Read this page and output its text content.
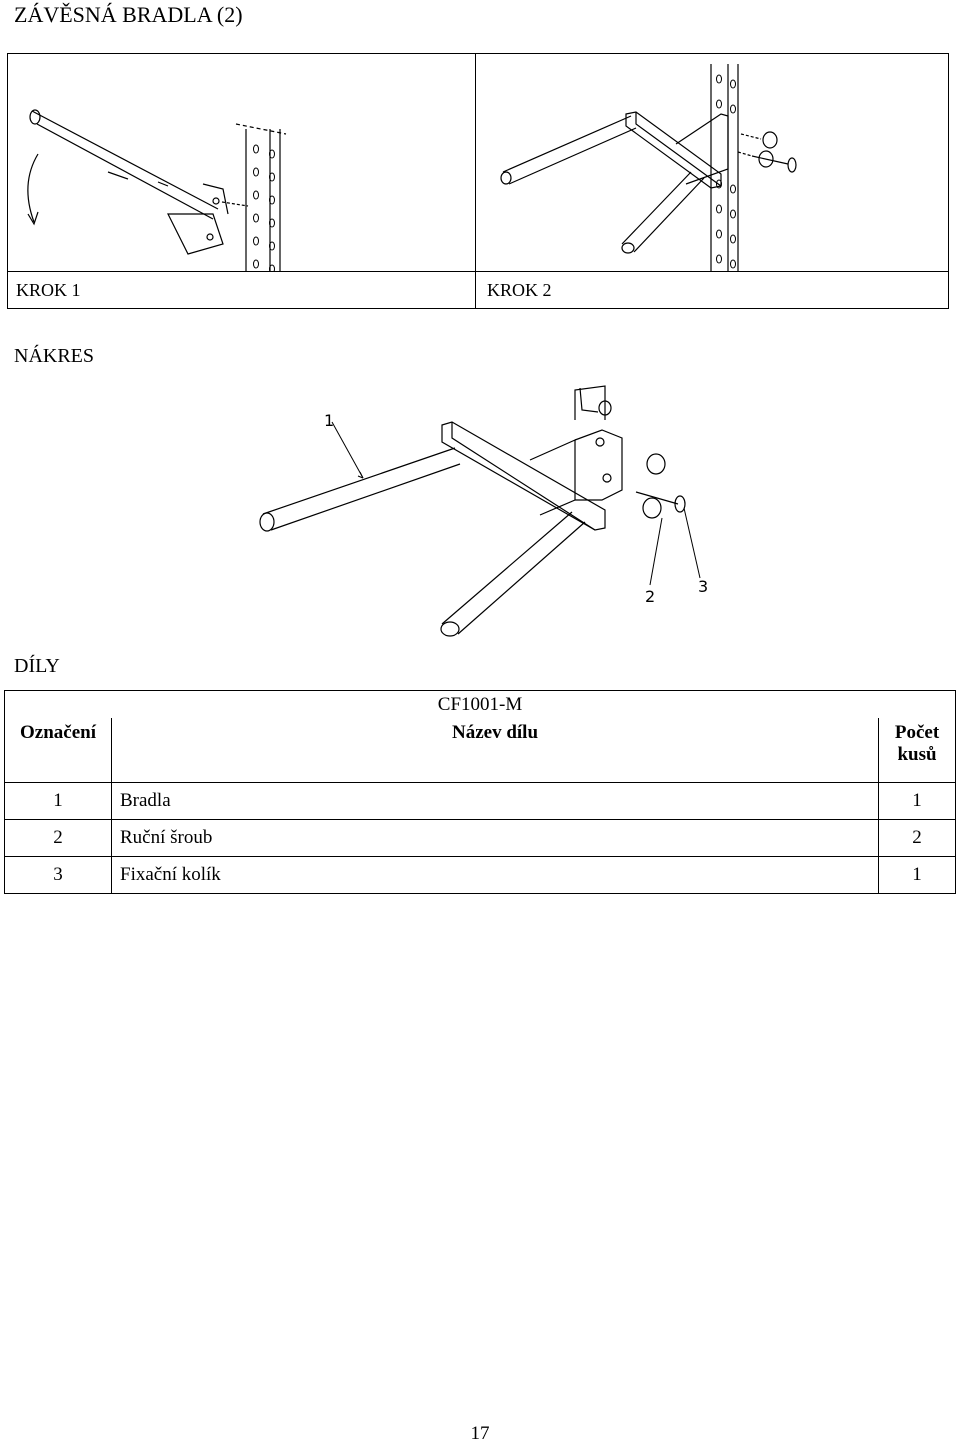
ZÁVĚSNÁ BRADLA (2)
KROK 1	KROK 2
NÁKRES
1
2
3
DÍLY
CF1001-M		
Označení	Název dílu	Počet kusů
1	Bradla	1
2	Ruční šroub	2
3	Fixační kolík	1
17
